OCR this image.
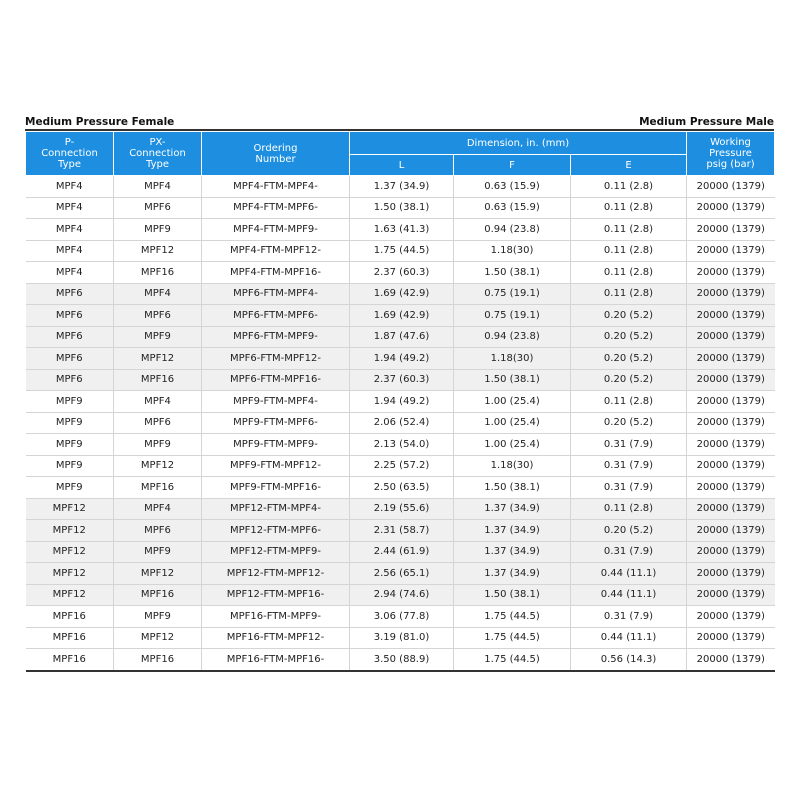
Medium Pressure Female	Medium Pressure Male
P-
Connection
Type	PX-
Connection
Type	Ordering
Number	Dimension, in. (mm)			Working
Pressure
psig (bar)
			L	F	E	
MPF4	MPF4	MPF4-FTM-MPF4-	1.37 (34.9)	0.63 (15.9)	0.11 (2.8)	20000 (1379)
MPF4	MPF6	MPF4-FTM-MPF6-	1.50 (38.1)	0.63 (15.9)	0.11 (2.8)	20000 (1379)
MPF4	MPF9	MPF4-FTM-MPF9-	1.63 (41.3)	0.94 (23.8)	0.11 (2.8)	20000 (1379)
MPF4	MPF12	MPF4-FTM-MPF12-	1.75 (44.5)	1.18(30)	0.11 (2.8)	20000 (1379)
MPF4	MPF16	MPF4-FTM-MPF16-	2.37 (60.3)	1.50 (38.1)	0.11 (2.8)	20000 (1379)
MPF6	MPF4	MPF6-FTM-MPF4-	1.69 (42.9)	0.75 (19.1)	0.11 (2.8)	20000 (1379)
MPF6	MPF6	MPF6-FTM-MPF6-	1.69 (42.9)	0.75 (19.1)	0.20 (5.2)	20000 (1379)
MPF6	MPF9	MPF6-FTM-MPF9-	1.87 (47.6)	0.94 (23.8)	0.20 (5.2)	20000 (1379)
MPF6	MPF12	MPF6-FTM-MPF12-	1.94 (49.2)	1.18(30)	0.20 (5.2)	20000 (1379)
MPF6	MPF16	MPF6-FTM-MPF16-	2.37 (60.3)	1.50 (38.1)	0.20 (5.2)	20000 (1379)
MPF9	MPF4	MPF9-FTM-MPF4-	1.94 (49.2)	1.00 (25.4)	0.11 (2.8)	20000 (1379)
MPF9	MPF6	MPF9-FTM-MPF6-	2.06 (52.4)	1.00 (25.4)	0.20 (5.2)	20000 (1379)
MPF9	MPF9	MPF9-FTM-MPF9-	2.13 (54.0)	1.00 (25.4)	0.31 (7.9)	20000 (1379)
MPF9	MPF12	MPF9-FTM-MPF12-	2.25 (57.2)	1.18(30)	0.31 (7.9)	20000 (1379)
MPF9	MPF16	MPF9-FTM-MPF16-	2.50 (63.5)	1.50 (38.1)	0.31 (7.9)	20000 (1379)
MPF12	MPF4	MPF12-FTM-MPF4-	2.19 (55.6)	1.37 (34.9)	0.11 (2.8)	20000 (1379)
MPF12	MPF6	MPF12-FTM-MPF6-	2.31 (58.7)	1.37 (34.9)	0.20 (5.2)	20000 (1379)
MPF12	MPF9	MPF12-FTM-MPF9-	2.44 (61.9)	1.37 (34.9)	0.31 (7.9)	20000 (1379)
MPF12	MPF12	MPF12-FTM-MPF12-	2.56 (65.1)	1.37 (34.9)	0.44 (11.1)	20000 (1379)
MPF12	MPF16	MPF12-FTM-MPF16-	2.94 (74.6)	1.50 (38.1)	0.44 (11.1)	20000 (1379)
MPF16	MPF9	MPF16-FTM-MPF9-	3.06 (77.8)	1.75 (44.5)	0.31 (7.9)	20000 (1379)
MPF16	MPF12	MPF16-FTM-MPF12-	3.19 (81.0)	1.75 (44.5)	0.44 (11.1)	20000 (1379)
MPF16	MPF16	MPF16-FTM-MPF16-	3.50 (88.9)	1.75 (44.5)	0.56 (14.3)	20000 (1379)
